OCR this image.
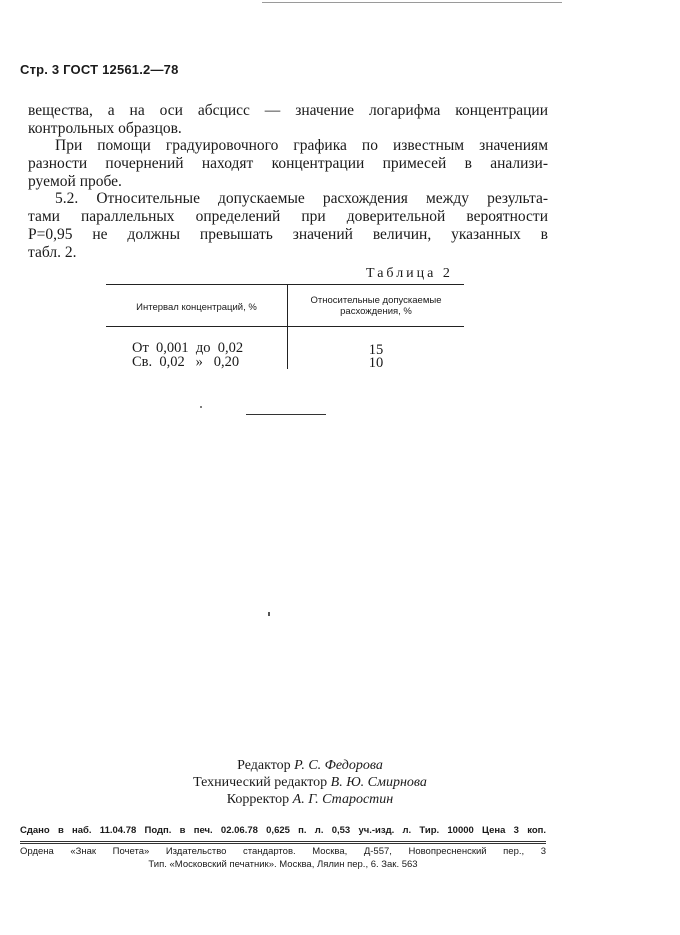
Стр. 3 ГОСТ 12561.2—78
вещества, а на оси абсцисс — значение логарифма концентрации
контрольных образцов.
При помощи градуировочного графика по известным значениям
разности почернений находят концентрации примесей в анализи-
руемой пробе.
5.2. Относительные допускаемые расхождения между результа-
тами параллельных определений при доверительной вероятности
P=0,95 не должны превышать значений величин, указанных в
табл. 2.
Таблица 2
Интервал концентраций, %
Относительные допускаемые расхождения, %
От  0,001  до  0,02	15
Св.  0,02   »   0,20	10
Редактор Р. С. Федорова
Технический редактор В. Ю. Смирнова
Корректор А. Г. Старостин
Сдано в наб. 11.04.78 Подп. в печ. 02.06.78 0,625 п. л. 0,53 уч.-изд. л. Тир. 10000 Цена 3 коп.
Ордена «Знак Почета» Издательство стандартов. Москва, Д-557, Новопресненский пер., 3
Тип. «Московский печатник». Москва, Лялин пер., 6. Зак. 563
